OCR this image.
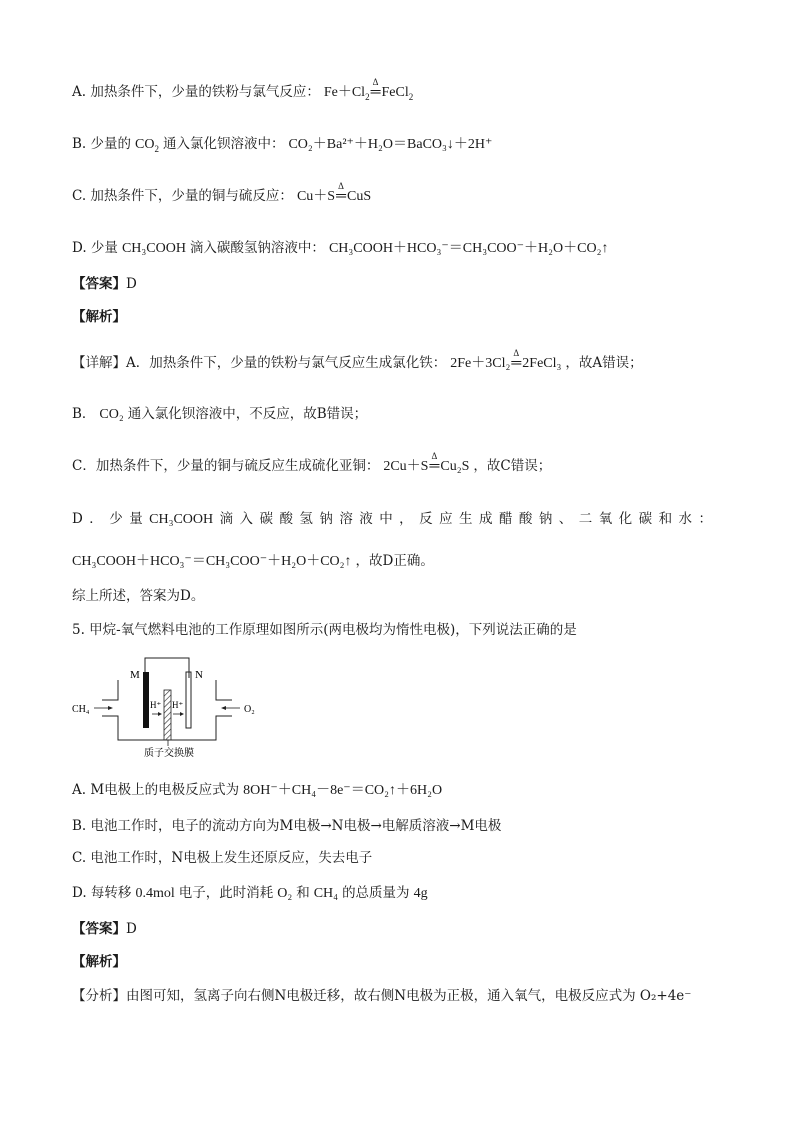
A. 加热条件下，少量的铁粉与氯气反应： $Fe+Cl_2\Delta$ ═FeCl$_2$
B. 少量的 $CO_2$ 通入氯化钡溶液中： CO₂＋Ba²⁺＋H₂O＝BaCO₃↓＋2H⁺
C. 加热条件下，少量的铜与硫反应： Cu＋SΔ ═CuS
D. 少量 CH₃COOH 滴入碳酸氢钠溶液中： CH₃COOH＋HCO₃⁻＝CH₃COO⁻＋H₂O＋CO₂↑
【答案】 D
【解析】
【详解】A．加热条件下，少量的铁粉与氯气反应生成氯化铁： 2Fe＋3Cl₂Δ ═2FeCl₃ ，故A错误；
B． CO₂ 通入氯化钡溶液中，不反应，故B错误；
C．加热条件下，少量的铜与硫反应生成硫化亚铜： 2Cu＋SΔ ═Cu₂S ，故C错误；
D ． 少 量 CH₃COOH 滴 入 碳 酸 氢 钠 溶 液 中 ， 反 应 生 成 醋 酸 钠 、 二 氧 化 碳 和 水 ：
CH₃COOH＋HCO₃⁻＝CH₃COO⁻＋H₂O＋CO₂↑ ，故D正确。
综上所述，答案为D。
5. 甲烷-氧气燃料电池的工作原理如图所示(两电极均为惰性电极)，下列说法正确的是
M	N
H⁺ H⁺
CH₄	O₂
质子交换膜
A. M电极上的电极反应式为 8OH⁻＋CH₄－8e⁻＝CO₂↑＋6H₂O
B. 电池工作时，电子的流动方向为M电极→N电极→电解质溶液→M电极
C. 电池工作时，N电极上发生还原反应，失去电子
D. 每转移 0.4mol 电子，此时消耗 O₂ 和 CH₄ 的总质量为 4g
【答案】 D
【解析】
【分析】由图可知，氢离子向右侧N电极迁移，故右侧N电极为正极，通入氧气，电极反应式为 O₂+4e⁻
